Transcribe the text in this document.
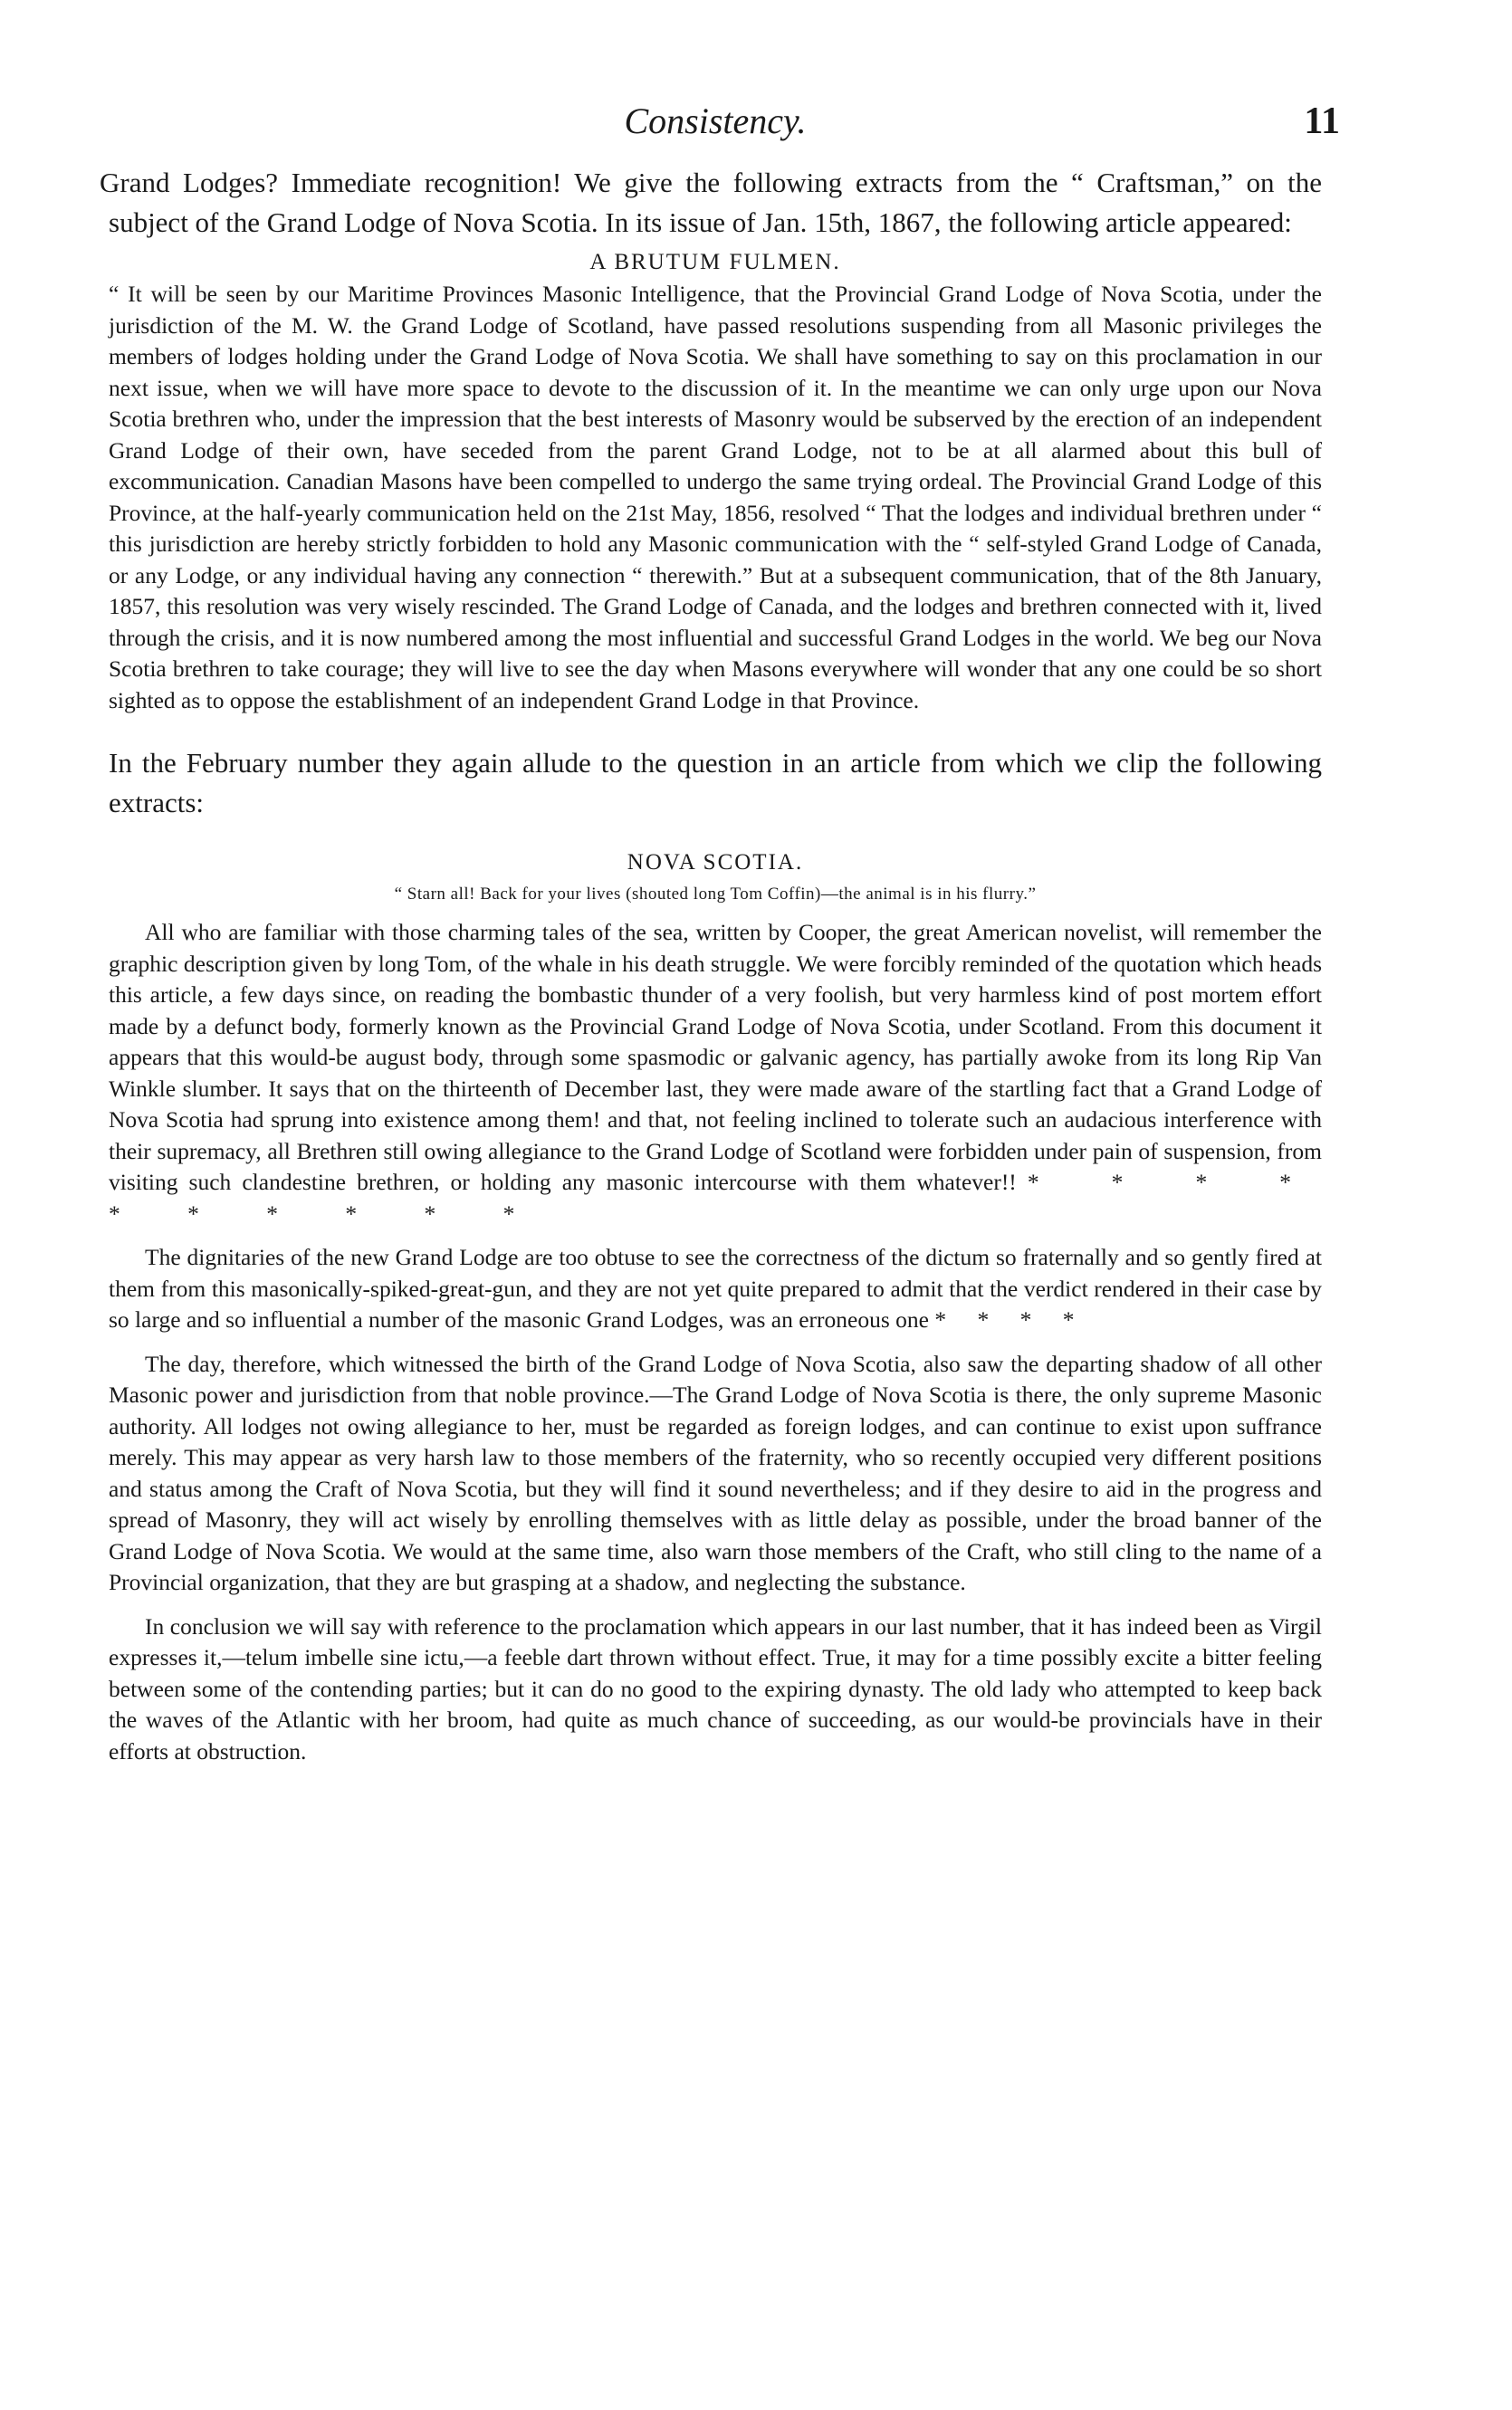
Consistency.	11

Grand Lodges? Immediate recognition! We give the following extracts from the “ Craftsman,” on the subject of the Grand Lodge of Nova Scotia. In its issue of Jan. 15th, 1867, the following article appeared:

A BRUTUM FULMEN.

“ It will be seen by our Maritime Provinces Masonic Intelligence, that the Provincial Grand Lodge of Nova Scotia, under the jurisdiction of the M. W. the Grand Lodge of Scotland, have passed resolutions suspending from all Masonic privileges the members of lodges holding under the Grand Lodge of Nova Scotia. We shall have something to say on this proclamation in our next issue, when we will have more space to devote to the discussion of it. In the meantime we can only urge upon our Nova Scotia brethren who, under the impression that the best interests of Masonry would be subserved by the erection of an independent Grand Lodge of their own, have seceded from the parent Grand Lodge, not to be at all alarmed about this bull of excommunication. Canadian Masons have been compelled to undergo the same trying ordeal. The Provincial Grand Lodge of this Province, at the half-yearly communication held on the 21st May, 1856, resolved “ That the lodges and individual brethren under “ this jurisdiction are hereby strictly forbidden to hold any Masonic communication with the “ self-styled Grand Lodge of Canada, or any Lodge, or any individual having any connection “ therewith.” But at a subsequent communication, that of the 8th January, 1857, this resolution was very wisely rescinded. The Grand Lodge of Canada, and the lodges and brethren connected with it, lived through the crisis, and it is now numbered among the most influential and successful Grand Lodges in the world. We beg our Nova Scotia brethren to take courage; they will live to see the day when Masons everywhere will wonder that any one could be so short sighted as to oppose the establishment of an independent Grand Lodge in that Province.

In the February number they again allude to the question in an article from which we clip the following extracts:

NOVA SCOTIA.
“ Starn all! Back for your lives (shouted long Tom Coffin)—the animal is in his flurry.”

All who are familiar with those charming tales of the sea, written by Cooper, the great American novelist, will remember the graphic description given by long Tom, of the whale in his death struggle. We were forcibly reminded of the quotation which heads this article, a few days since, on reading the bombastic thunder of a very foolish, but very harmless kind of post mortem effort made by a defunct body, formerly known as the Provincial Grand Lodge of Nova Scotia, under Scotland. From this document it appears that this would-be august body, through some spasmodic or galvanic agency, has partially awoke from its long Rip Van Winkle slumber. It says that on the thirteenth of December last, they were made aware of the startling fact that a Grand Lodge of Nova Scotia had sprung into existence among them! and that, not feeling inclined to tolerate such an audacious interference with their supremacy, all Brethren still owing allegiance to the Grand Lodge of Scotland were forbidden under pain of suspension, from visiting such clandestine brethren, or holding any masonic intercourse with them whatever!! * * * * * * * * * *

The dignitaries of the new Grand Lodge are too obtuse to see the correctness of the dictum so fraternally and so gently fired at them from this masonically-spiked-great-gun, and they are not yet quite prepared to admit that the verdict rendered in their case by so large and so influential a number of the masonic Grand Lodges, was an erroneous one * * * *

The day, therefore, which witnessed the birth of the Grand Lodge of Nova Scotia, also saw the departing shadow of all other Masonic power and jurisdiction from that noble province.—The Grand Lodge of Nova Scotia is there, the only supreme Masonic authority. All lodges not owing allegiance to her, must be regarded as foreign lodges, and can continue to exist upon suffrance merely. This may appear as very harsh law to those members of the fraternity, who so recently occupied very different positions and status among the Craft of Nova Scotia, but they will find it sound nevertheless; and if they desire to aid in the progress and spread of Masonry, they will act wisely by enrolling themselves with as little delay as possible, under the broad banner of the Grand Lodge of Nova Scotia. We would at the same time, also warn those members of the Craft, who still cling to the name of a Provincial organization, that they are but grasping at a shadow, and neglecting the substance.

In conclusion we will say with reference to the proclamation which appears in our last number, that it has indeed been as Virgil expresses it,—telum imbelle sine ictu,—a feeble dart thrown without effect. True, it may for a time possibly excite a bitter feeling between some of the contending parties; but it can do no good to the expiring dynasty. The old lady who attempted to keep back the waves of the Atlantic with her broom, had quite as much chance of succeeding, as our would-be provincials have in their efforts at obstruction.
